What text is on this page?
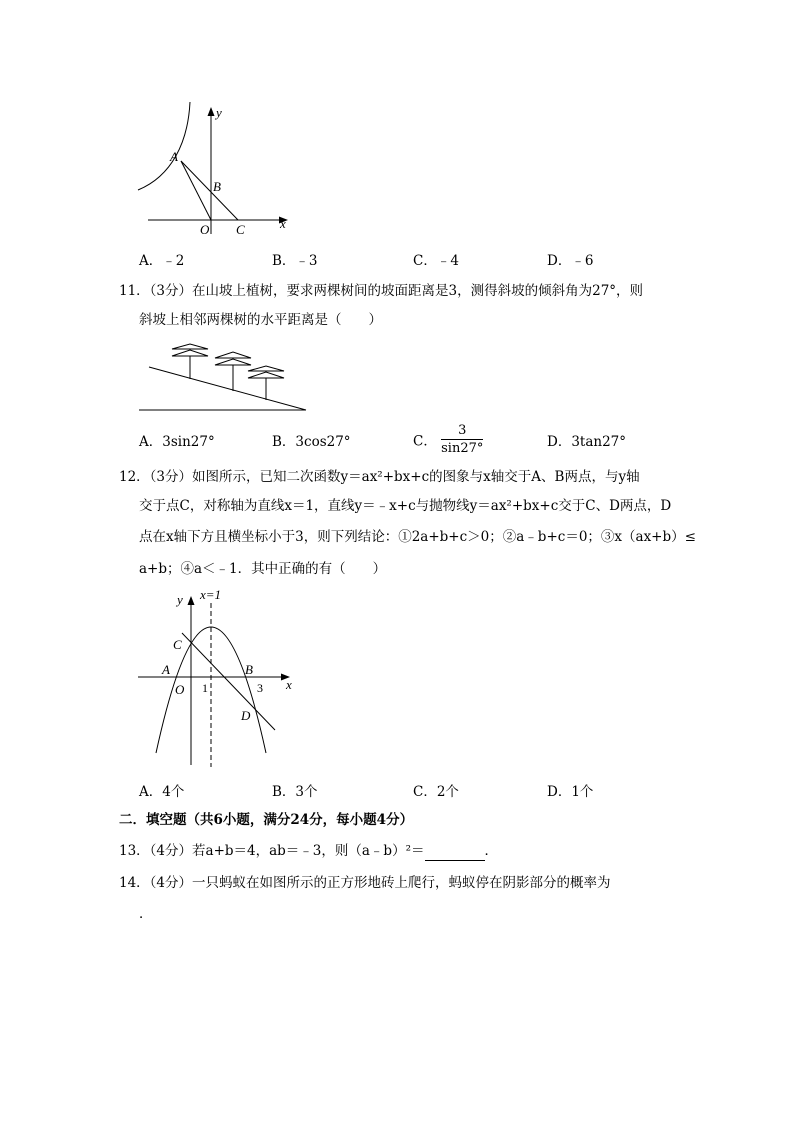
y
x
A
B
O C
A．﹣2	B．﹣3	C．﹣4	D．﹣6
11．（3分）在山坡上植树，要求两棵树间的坡面距离是3，测得斜坡的倾斜角为27°，则
斜坡上相邻两棵树的水平距离是（　　）
A．3sin27°	B．3cos27°	C． $\frac{3}{\sin 27^\circ}$	D．3tan27°
12．（3分）如图所示，已知二次函数y＝ax²+bx+c的图象与x轴交于A、B两点，与y轴
交于点C，对称轴为直线x＝1，直线y＝﹣x+c与抛物线y＝ax²+bx+c交于C、D两点，D
点在x轴下方且横坐标小于3，则下列结论：①2a+b+c＞0；②a﹣b+c＝0；③x（ax+b）≤
a+b；④a＜﹣1．其中正确的有（　　）
x=1
y
x
C
A
O 1
B
3
D
A．4个	B．3个	C．2个	D．1个
二．填空题（共6小题，满分24分，每小题4分）
13．（4分）若a+b＝4，ab＝﹣3，则（a﹣b）²＝	．
14．（4分）一只蚂蚁在如图所示的正方形地砖上爬行，蚂蚁停在阴影部分的概率为
．
